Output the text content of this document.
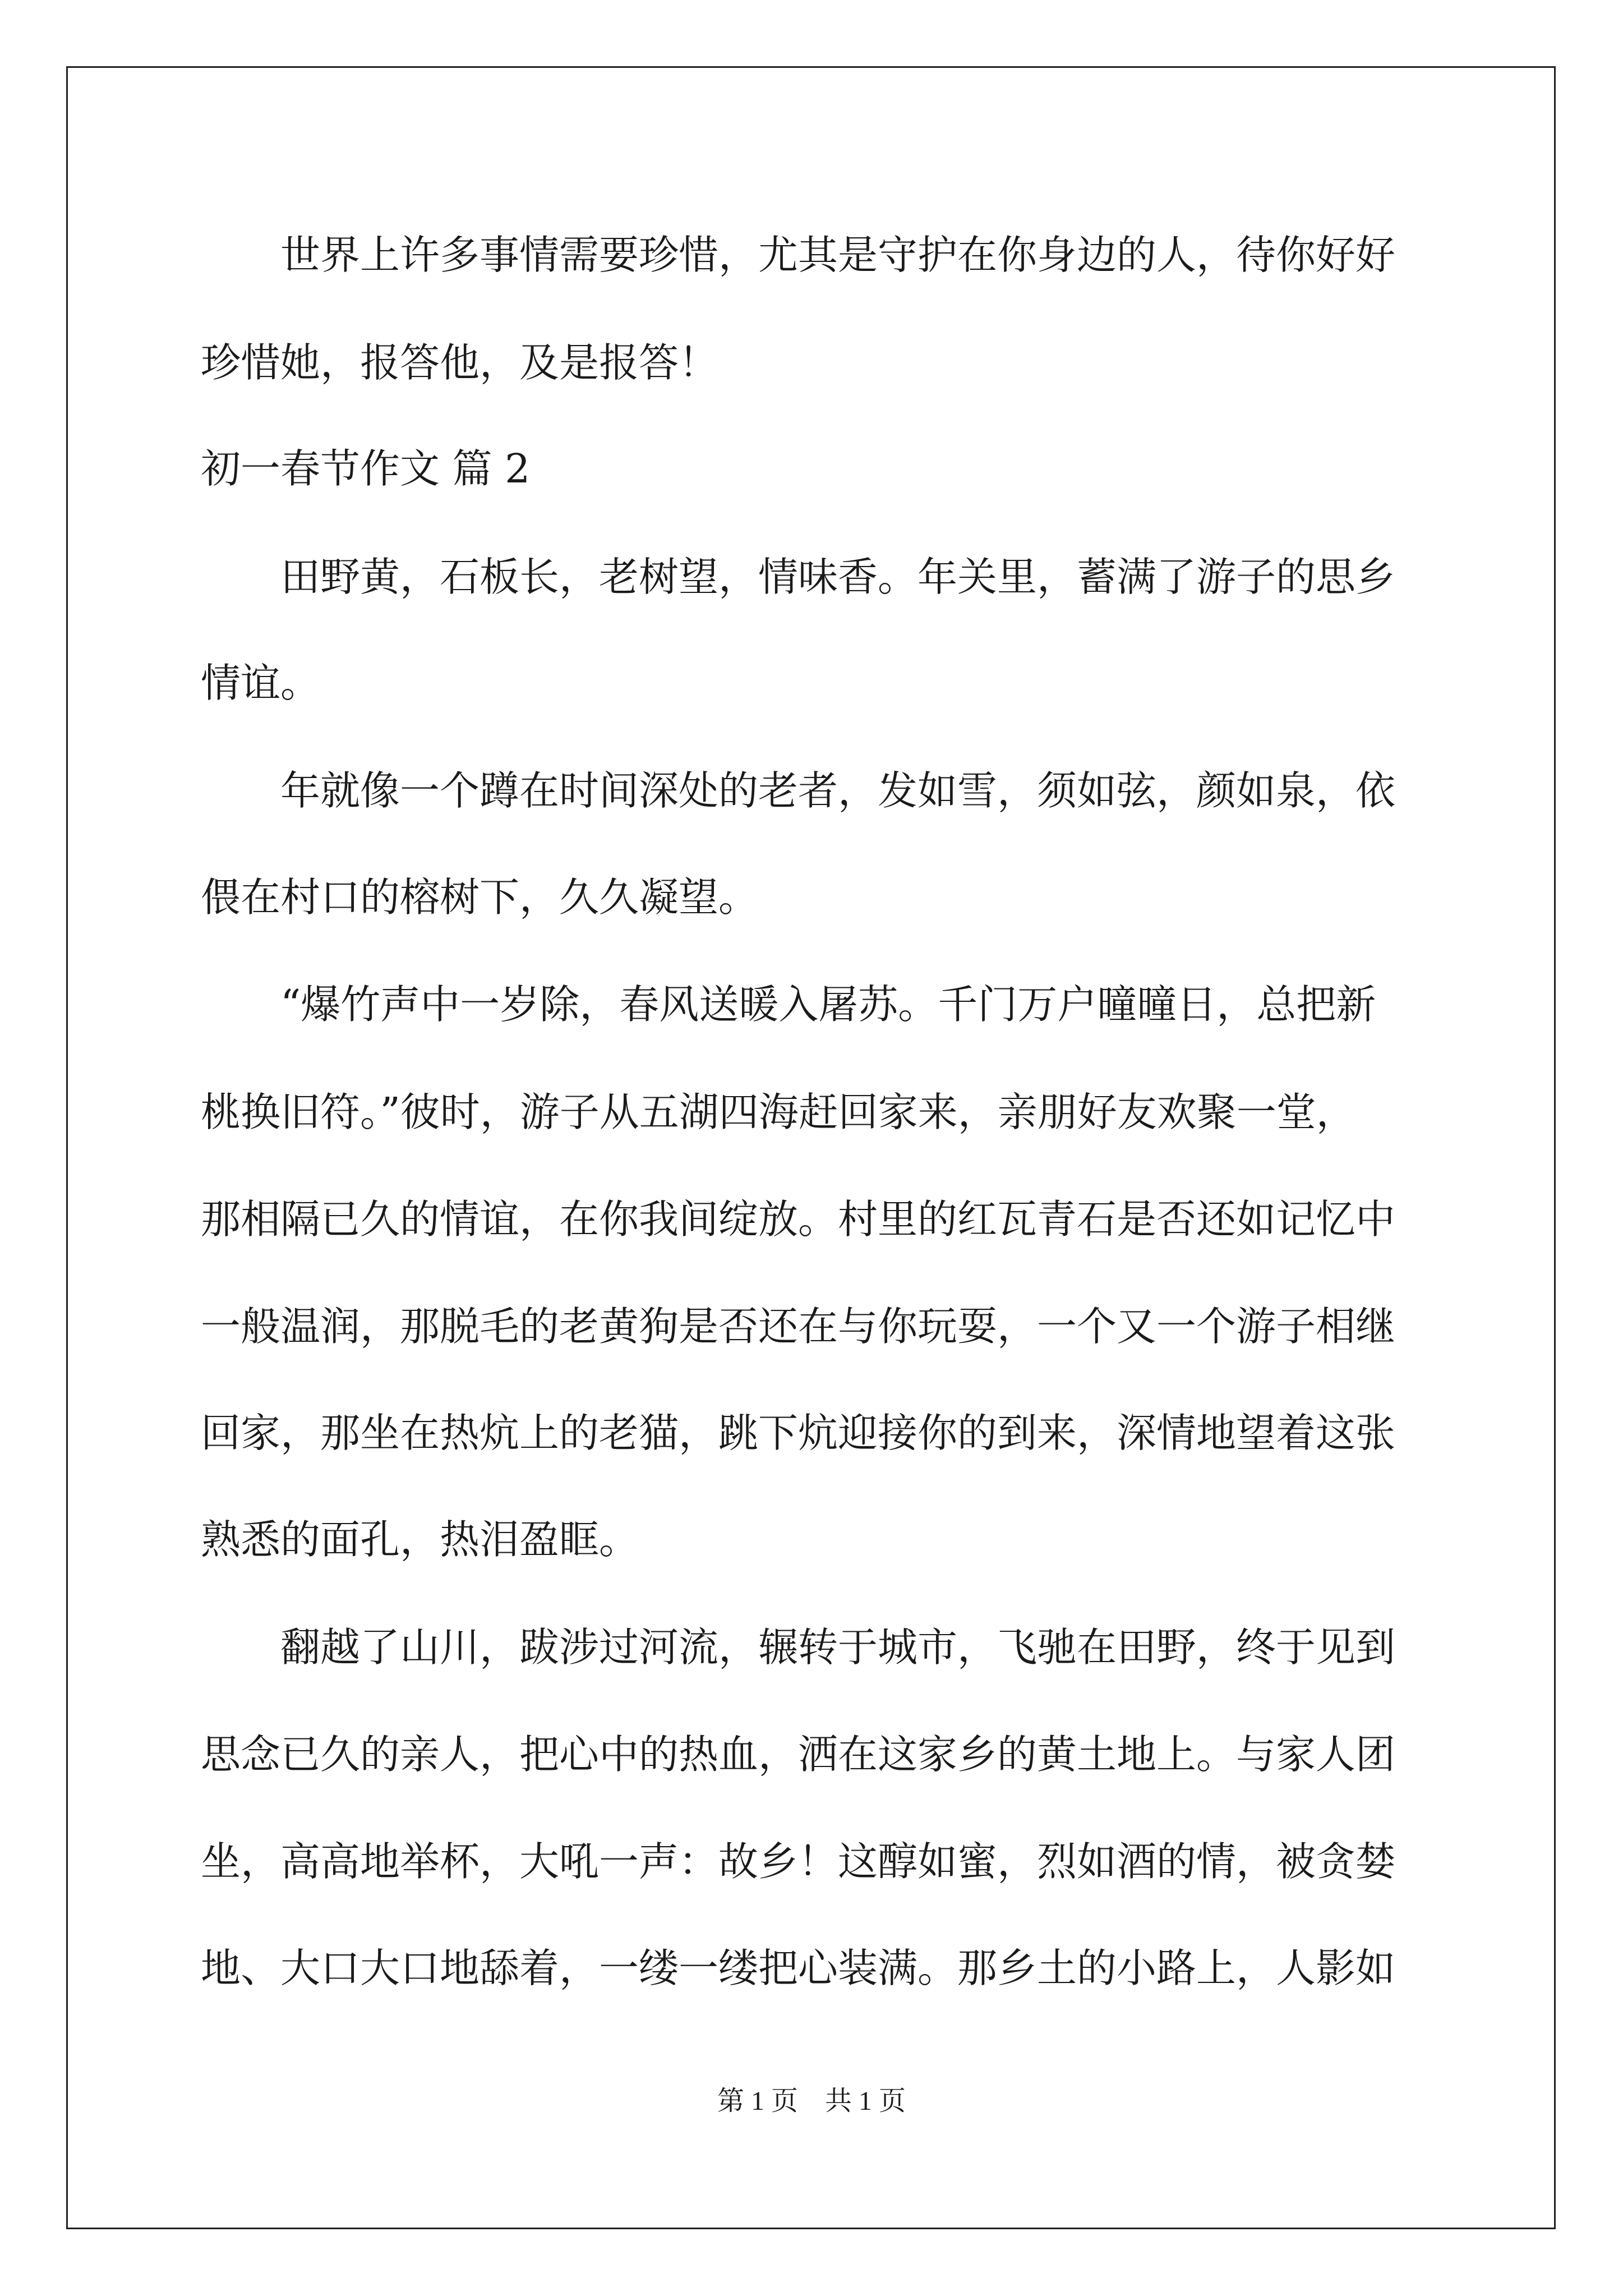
世界上许多事情需要珍惜，尤其是守护在你身边的人，待你好好
珍惜她，报答他，及是报答！
初一春节作文 篇 2
田野黄，石板长，老树望，情味香。年关里，蓄满了游子的思乡
情谊。
年就像一个蹲在时间深处的老者，发如雪，须如弦，颜如泉，依
偎在村口的榕树下，久久凝望。
“爆竹声中一岁除，春风送暖入屠苏。千门万户曈曈日，总把新
桃换旧符。”彼时，游子从五湖四海赶回家来，亲朋好友欢聚一堂，
那相隔已久的情谊，在你我间绽放。村里的红瓦青石是否还如记忆中
一般温润，那脱毛的老黄狗是否还在与你玩耍，一个又一个游子相继
回家，那坐在热炕上的老猫，跳下炕迎接你的到来，深情地望着这张
熟悉的面孔，热泪盈眶。
翻越了山川，跋涉过河流，辗转于城市，飞驰在田野，终于见到
思念已久的亲人，把心中的热血，洒在这家乡的黄土地上。与家人团
坐，高高地举杯，大吼一声：故乡！这醇如蜜，烈如酒的情，被贪婪
地、大口大口地舔着，一缕一缕把心装满。那乡土的小路上，人影如
第 1 页 共 1 页
